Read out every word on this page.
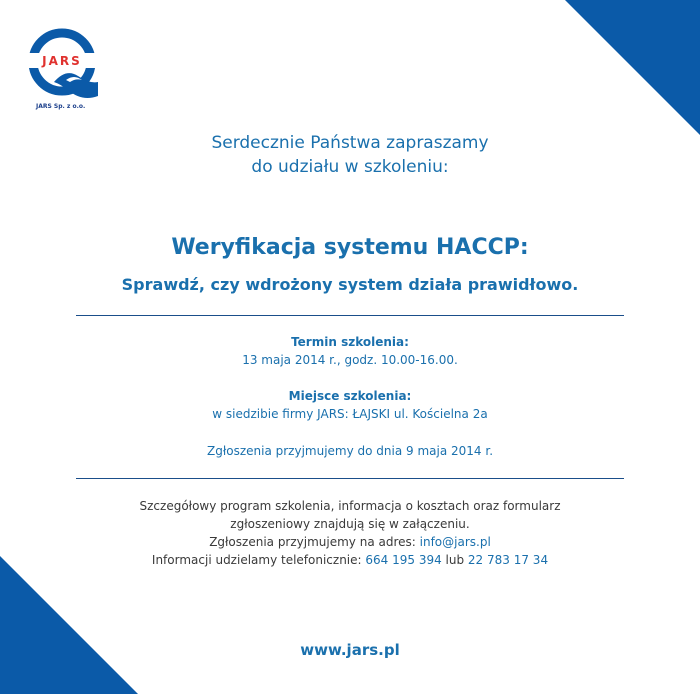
JARS
JARS Sp. z o.o.
Serdecznie Państwa zapraszamy
do udziału w szkoleniu:
Weryfikacja systemu HACCP:
Sprawdź, czy wdrożony system działa prawidłowo.
Termin szkolenia:
13 maja 2014 r., godz. 10.00-16.00.
Miejsce szkolenia:
w siedzibie firmy JARS: ŁAJSKI ul. Kościelna 2a
Zgłoszenia przyjmujemy do dnia 9 maja 2014 r.
Szczegółowy program szkolenia, informacja o kosztach oraz formularz
zgłoszeniowy znajdują się w załączeniu.
Zgłoszenia przyjmujemy na adres: info@jars.pl
Informacji udzielamy telefonicznie: 664 195 394 lub 22 783 17 34
www.jars.pl
